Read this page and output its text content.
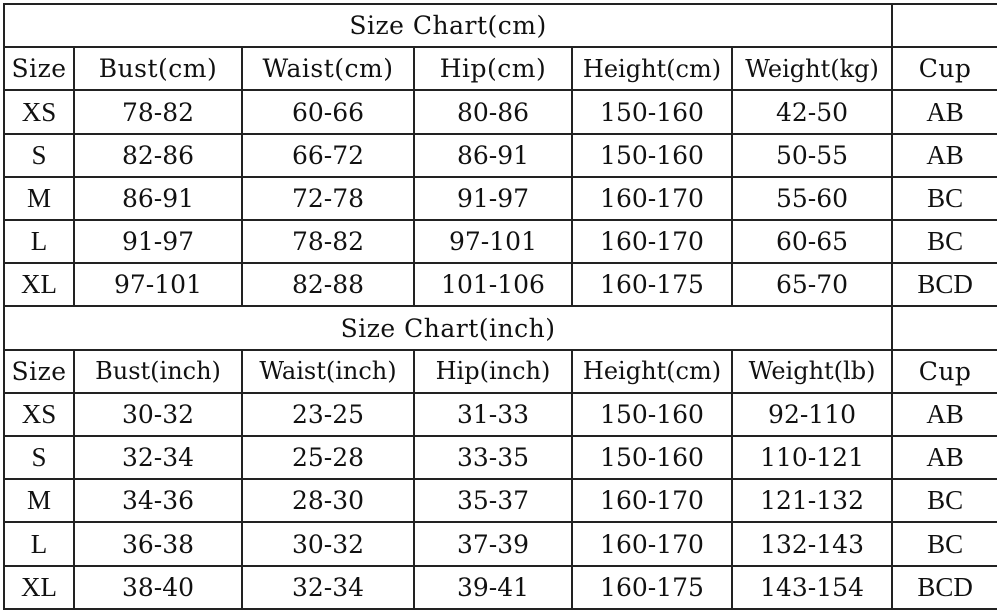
Size Chart(cm)						
Size	Bust(cm)	Waist(cm)	Hip(cm)	Height(cm)	Weight(kg)	Cup
XS	78-82	60-66	80-86	150-160	42-50	AB
S	82-86	66-72	86-91	150-160	50-55	AB
M	86-91	72-78	91-97	160-170	55-60	BC
L	91-97	78-82	97-101	160-170	60-65	BC
XL	97-101	82-88	101-106	160-175	65-70	BCD
Size Chart(inch)						
Size	Bust(inch)	Waist(inch)	Hip(inch)	Height(cm)	Weight(lb)	Cup
XS	30-32	23-25	31-33	150-160	92-110	AB
S	32-34	25-28	33-35	150-160	110-121	AB
M	34-36	28-30	35-37	160-170	121-132	BC
L	36-38	30-32	37-39	160-170	132-143	BC
XL	38-40	32-34	39-41	160-175	143-154	BCD
